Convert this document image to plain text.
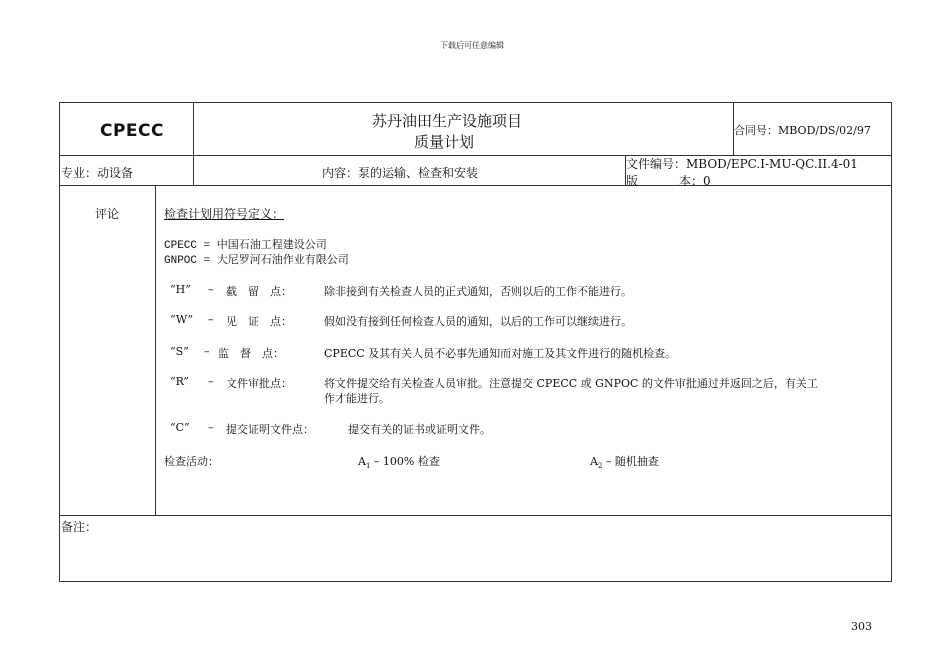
下载后可任意编辑
CPECC	苏丹油田生产设施项目
质量计划
合同号：MBOD/DS/02/97
专业：动设备	内容：泵的运输、检查和安装
文件编号：MBOD/EPC.I-MU-QC.II.4-01
版	本：0
评论	检查计划用符号定义：
CPECC = 中国石油工程建设公司
GNPOC = 大尼罗河石油作业有限公司
“H” – 截　留　点：	除非接到有关检查人员的正式通知，否则以后的工作不能进行。
“W” – 见　证　点：	假如没有接到任何检查人员的通知，以后的工作可以继续进行。
“S” – 监　督　点：	CPECC 及其有关人员不必事先通知而对施工及其文件进行的随机检查。
“R” – 文件审批点：	将文件提交给有关检查人员审批。注意提交 CPECC 或 GNPOC 的文件审批通过并返回之后，有关工
作才能进行。
“C” – 提交证明文件点：	提交有关的证书或证明文件。
检查活动：	$A_1 - 100\%$ 检查	$A_2$ – 随机抽查
备注：
303
